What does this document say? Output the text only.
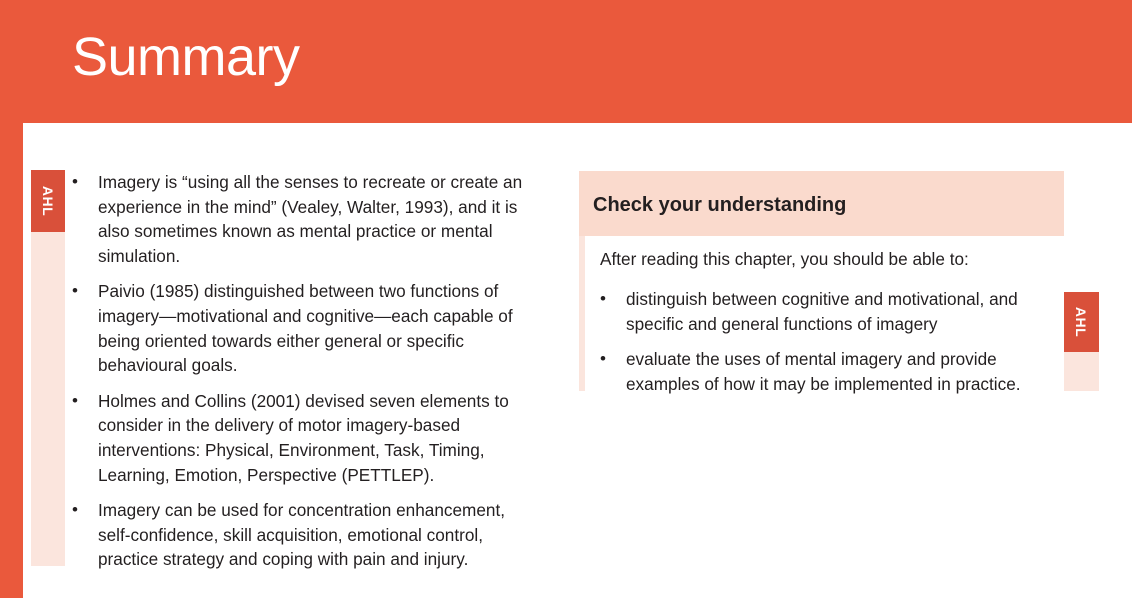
Summary
AHL
• Imagery is “using all the senses to recreate or create an experience in the mind” (Vealey, Walter, 1993), and it is also sometimes known as mental practice or mental simulation.
• Paivio (1985) distinguished between two functions of imagery—motivational and cognitive—each capable of being oriented towards either general or specific behavioural goals.
• Holmes and Collins (2001) devised seven elements to consider in the delivery of motor imagery-based interventions: Physical, Environment, Task, Timing, Learning, Emotion, Perspective (PETTLEP).
• Imagery can be used for concentration enhancement, self-confidence, skill acquisition, emotional control, practice strategy and coping with pain and injury.
Check your understanding
After reading this chapter, you should be able to:
• distinguish between cognitive and motivational, and specific and general functions of imagery
• evaluate the uses of mental imagery and provide examples of how it may be implemented in practice.
AHL
